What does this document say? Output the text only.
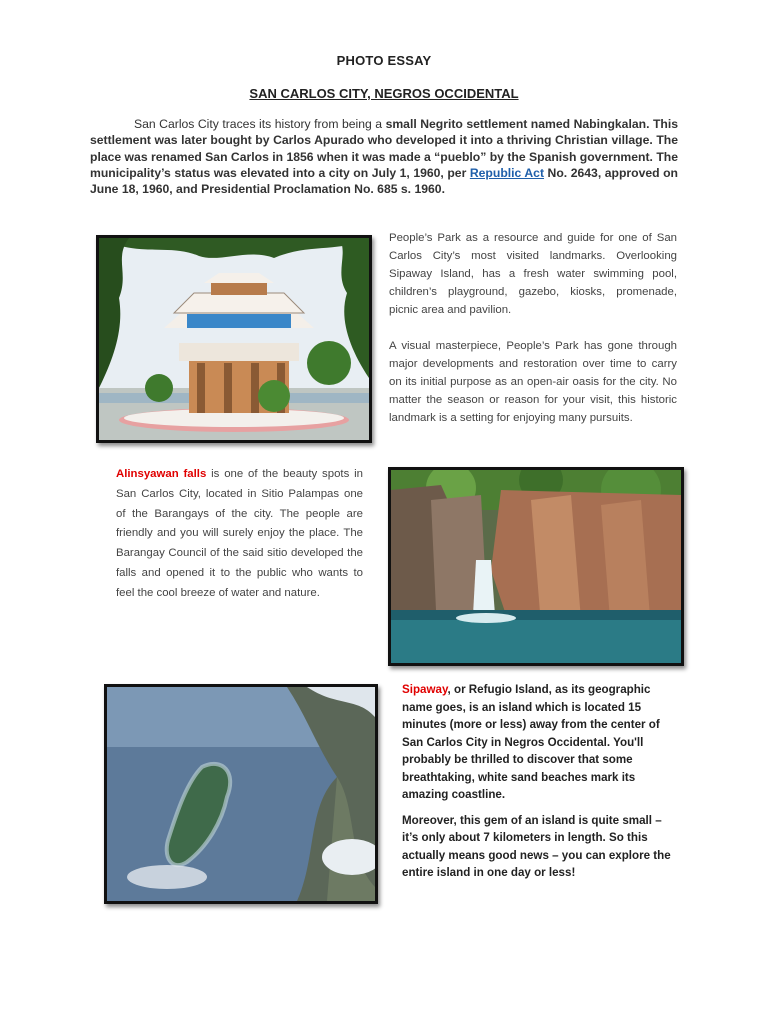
PHOTO ESSAY
SAN CARLOS CITY, NEGROS OCCIDENTAL
San Carlos City traces its history from being a small Negrito settlement named Nabingkalan. This settlement was later bought by Carlos Apurado who developed it into a thriving Christian village. The place was renamed San Carlos in 1856 when it was made a “pueblo” by the Spanish government. The municipality’s status was elevated into a city on July 1, 1960, per Republic Act No. 2643, approved on June 18, 1960, and Presidential Proclamation No. 685 s. 1960.

People’s Park as a resource and guide for one of San Carlos City’s most visited landmarks. Overlooking Sipaway Island, has a fresh water swimming pool, children’s playground, gazebo, kiosks, promenade, picnic area and pavilion.

A visual masterpiece, People’s Park has gone through major developments and restoration over time to carry on its initial purpose as an open-air oasis for the city. No matter the season or reason for your visit, this historic landmark is a setting for enjoying many pursuits.

Alinsyawan falls is one of the beauty spots in San Carlos City, located in Sitio Palampas one of the Barangays of the city. The people are friendly and you will surely enjoy the place. The Barangay Council of the said sitio developed the falls and opened it to the public who wants to feel the cool breeze of water and nature.

Sipaway, or Refugio Island, as its geographic name goes, is an island which is located 15 minutes (more or less) away from the center of San Carlos City in Negros Occidental. You'll probably be thrilled to discover that some breathtaking, white sand beaches mark its amazing coastline.

Moreover, this gem of an island is quite small – it’s only about 7 kilometers in length. So this actually means good news – you can explore the entire island in one day or less!
